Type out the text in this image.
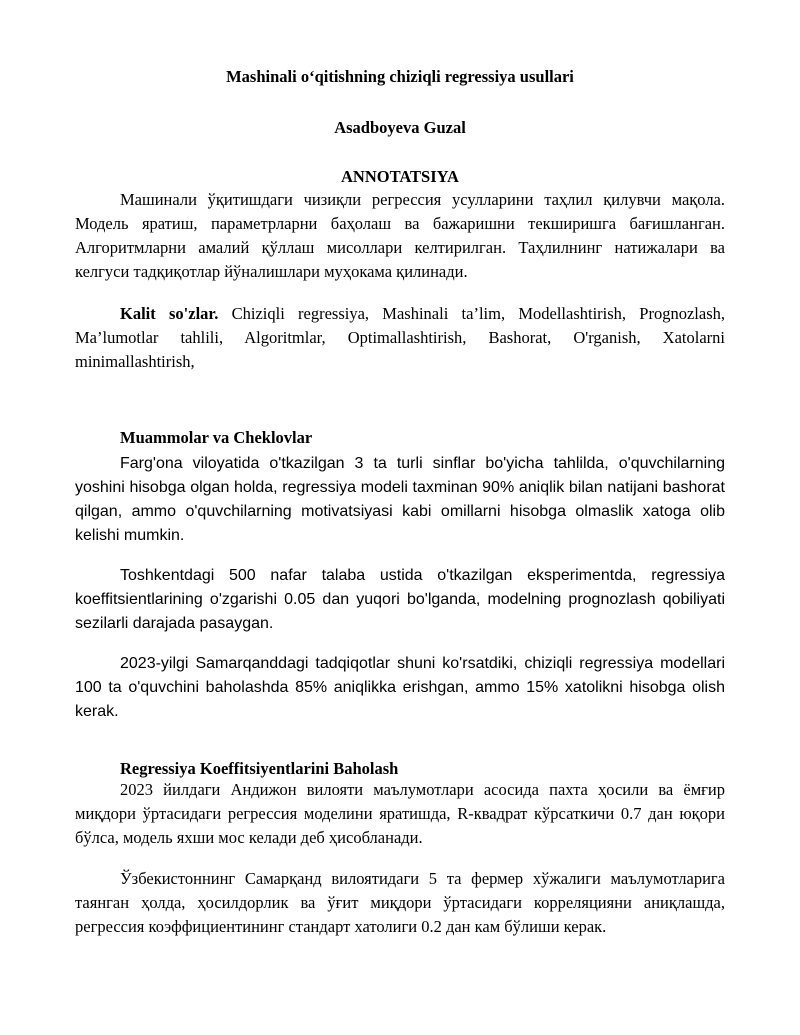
Mashinali o‘qitishning chiziqli regressiya usullari
Asadboyeva Guzal
ANNOTATSIYA

Машинали ўқитишдаги чизиқли регрессия усулларини таҳлил қилувчи мақола. Модель яратиш, параметрларни баҳолаш ва бажаришни текширишга бағишланган. Алгоритмларни амалий қўллаш мисоллари келтирилган. Таҳлилнинг натижалари ва келгуси тадқиқотлар йўналишлари муҳокама қилинади.

Kalit so'zlar. Chiziqli regressiya, Mashinali ta’lim, Modellashtirish, Prognozlash, Ma’lumotlar tahlili, Algoritmlar, Optimallashtirish, Bashorat, O'rganish, Xatolarni minimallashtirish,

Muammolar va Cheklovlar

Farg'ona viloyatida o'tkazilgan 3 ta turli sinflar bo'yicha tahlilda, o'quvchilarning yoshini hisobga olgan holda, regressiya modeli taxminan 90% aniqlik bilan natijani bashorat qilgan, ammo o'quvchilarning motivatsiyasi kabi omillarni hisobga olmaslik xatoga olib kelishi mumkin.

Toshkentdagi 500 nafar talaba ustida o'tkazilgan eksperimentda, regressiya koeffitsientlarining o'zgarishi 0.05 dan yuqori bo'lganda, modelning prognozlash qobiliyati sezilarli darajada pasaygan.

2023-yilgi Samarqanddagi tadqiqotlar shuni ko'rsatdiki, chiziqli regressiya modellari 100 ta o'quvchini baholashda 85% aniqlikka erishgan, ammo 15% xatolikni hisobga olish kerak.

Regressiya Koeffitsiyentlarini Baholash

2023 йилдаги Андижон вилояти маълумотлари асосида пахта ҳосили ва ёмғир миқдори ўртасидаги регрессия моделини яратишда, R-квадрат кўрсаткичи 0.7 дан юқори бўлса, модель яхши мос келади деб ҳисобланади.

Ўзбекистоннинг Самарқанд вилоятидаги 5 та фермер хўжалиги маълумотларига таянган ҳолда, ҳосилдорлик ва ўғит миқдори ўртасидаги корреляцияни аниқлашда, регрессия коэффициентининг стандарт хатолиги 0.2 дан кам бўлиши керак.
